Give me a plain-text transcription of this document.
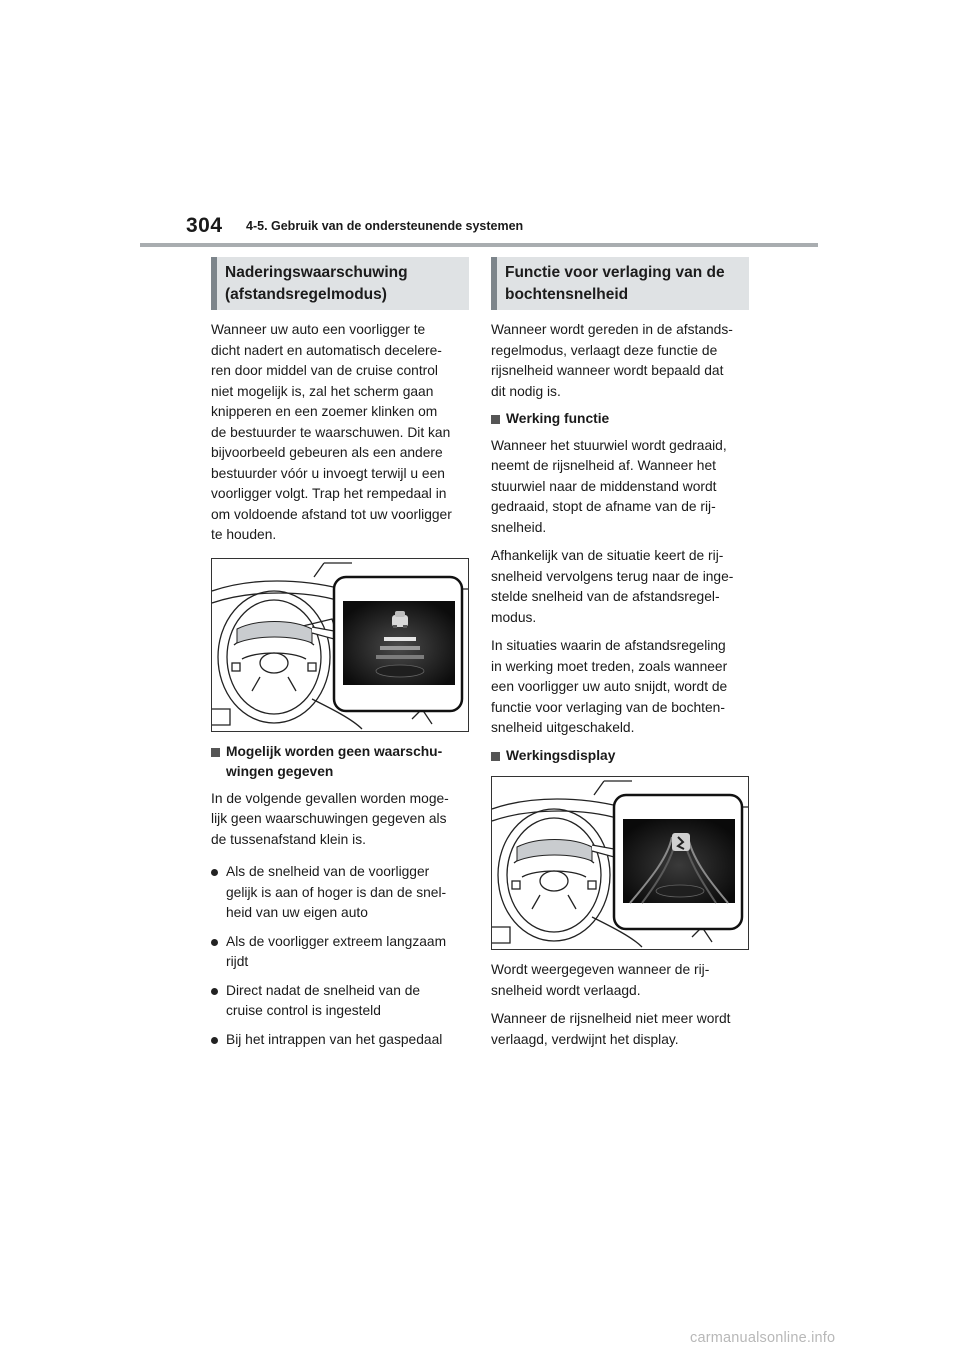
304 4-5. Gebruik van de ondersteunende systemen
Naderingswaarschuwing
(afstandsregelmodus)

Wanneer uw auto een voorligger te
dicht nadert en automatisch decelere-
ren door middel van de cruise control
niet mogelijk is, zal het scherm gaan
knipperen en een zoemer klinken om
de bestuurder te waarschuwen. Dit kan
bijvoorbeeld gebeuren als een andere
bestuurder vóór u invoegt terwijl u een
voorligger volgt. Trap het rempedaal in
om voldoende afstand tot uw voorligger
te houden.

Mogelijk worden geen waarschu-
wingen gegeven

In de volgende gevallen worden moge-
lijk geen waarschuwingen gegeven als
de tussenafstand klein is.

Als de snelheid van de voorligger
gelijk is aan of hoger is dan de snel-
heid van uw eigen auto
Als de voorligger extreem langzaam
rijdt
Direct nadat de snelheid van de
cruise control is ingesteld
Bij het intrappen van het gaspedaal
Functie voor verlaging van de
bochtensnelheid

Wanneer wordt gereden in de afstands-
regelmodus, verlaagt deze functie de
rijsnelheid wanneer wordt bepaald dat
dit nodig is.

Werking functie

Wanneer het stuurwiel wordt gedraaid,
neemt de rijsnelheid af. Wanneer het
stuurwiel naar de middenstand wordt
gedraaid, stopt de afname van de rij-
snelheid.

Afhankelijk van de situatie keert de rij-
snelheid vervolgens terug naar de inge-
stelde snelheid van de afstandsregel-
modus.

In situaties waarin de afstandsregeling
in werking moet treden, zoals wanneer
een voorligger uw auto snijdt, wordt de
functie voor verlaging van de bochten-
snelheid uitgeschakeld.

Werkingsdisplay

Wordt weergegeven wanneer de rij-
snelheid wordt verlaagd.

Wanneer de rijsnelheid niet meer wordt
verlaagd, verdwijnt het display.

carmanualsonline.info
